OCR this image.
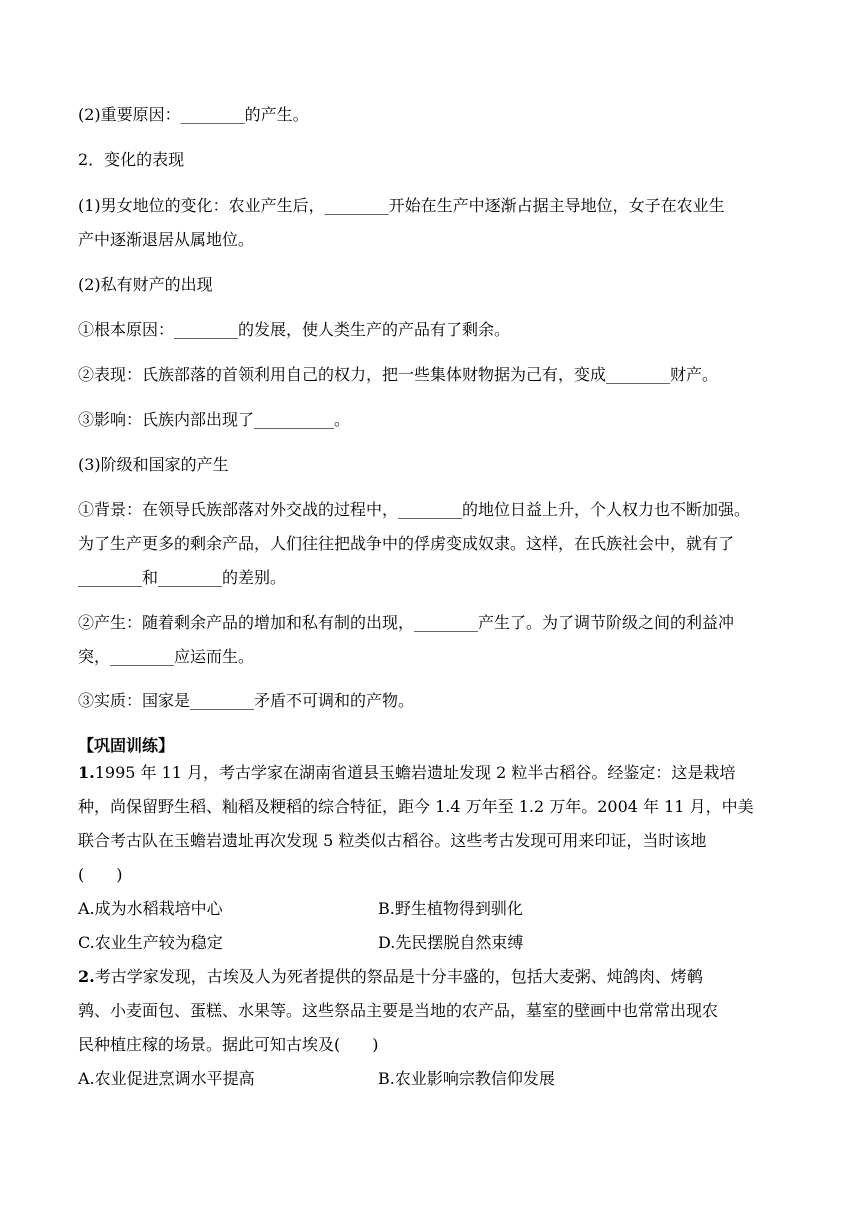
(2)重要原因：________的产生。
2．变化的表现
(1)男女地位的变化：农业产生后，________开始在生产中逐渐占据主导地位，女子在农业生
产中逐渐退居从属地位。
(2)私有财产的出现
①根本原因：________的发展，使人类生产的产品有了剩余。
②表现：氏族部落的首领利用自己的权力，把一些集体财物据为己有，变成________财产。
③影响：氏族内部出现了__________。
(3)阶级和国家的产生
①背景：在领导氏族部落对外交战的过程中，________的地位日益上升，个人权力也不断加强。
为了生产更多的剩余产品，人们往往把战争中的俘虏变成奴隶。这样，在氏族社会中，就有了
________和________的差别。
②产生：随着剩余产品的增加和私有制的出现，________产生了。为了调节阶级之间的利益冲
突，________应运而生。
③实质：国家是________矛盾不可调和的产物。
【巩固训练】
1.1995 年 11 月，考古学家在湖南省道县玉蟾岩遗址发现 2 粒半古稻谷。经鉴定：这是栽培
种，尚保留野生稻、籼稻及粳稻的综合特征，距今 1.4 万年至 1.2 万年。2004 年 11 月，中美
联合考古队在玉蟾岩遗址再次发现 5 粒类似古稻谷。这些考古发现可用来印证，当时该地
(　　)
A.成为水稻栽培中心	B.野生植物得到驯化
C.农业生产较为稳定	D.先民摆脱自然束缚
2.考古学家发现，古埃及人为死者提供的祭品是十分丰盛的，包括大麦粥、炖鸽肉、烤鹌
鹑、小麦面包、蛋糕、水果等。这些祭品主要是当地的农产品，墓室的壁画中也常常出现农
民种植庄稼的场景。据此可知古埃及(　　)
A.农业促进烹调水平提高	B.农业影响宗教信仰发展
